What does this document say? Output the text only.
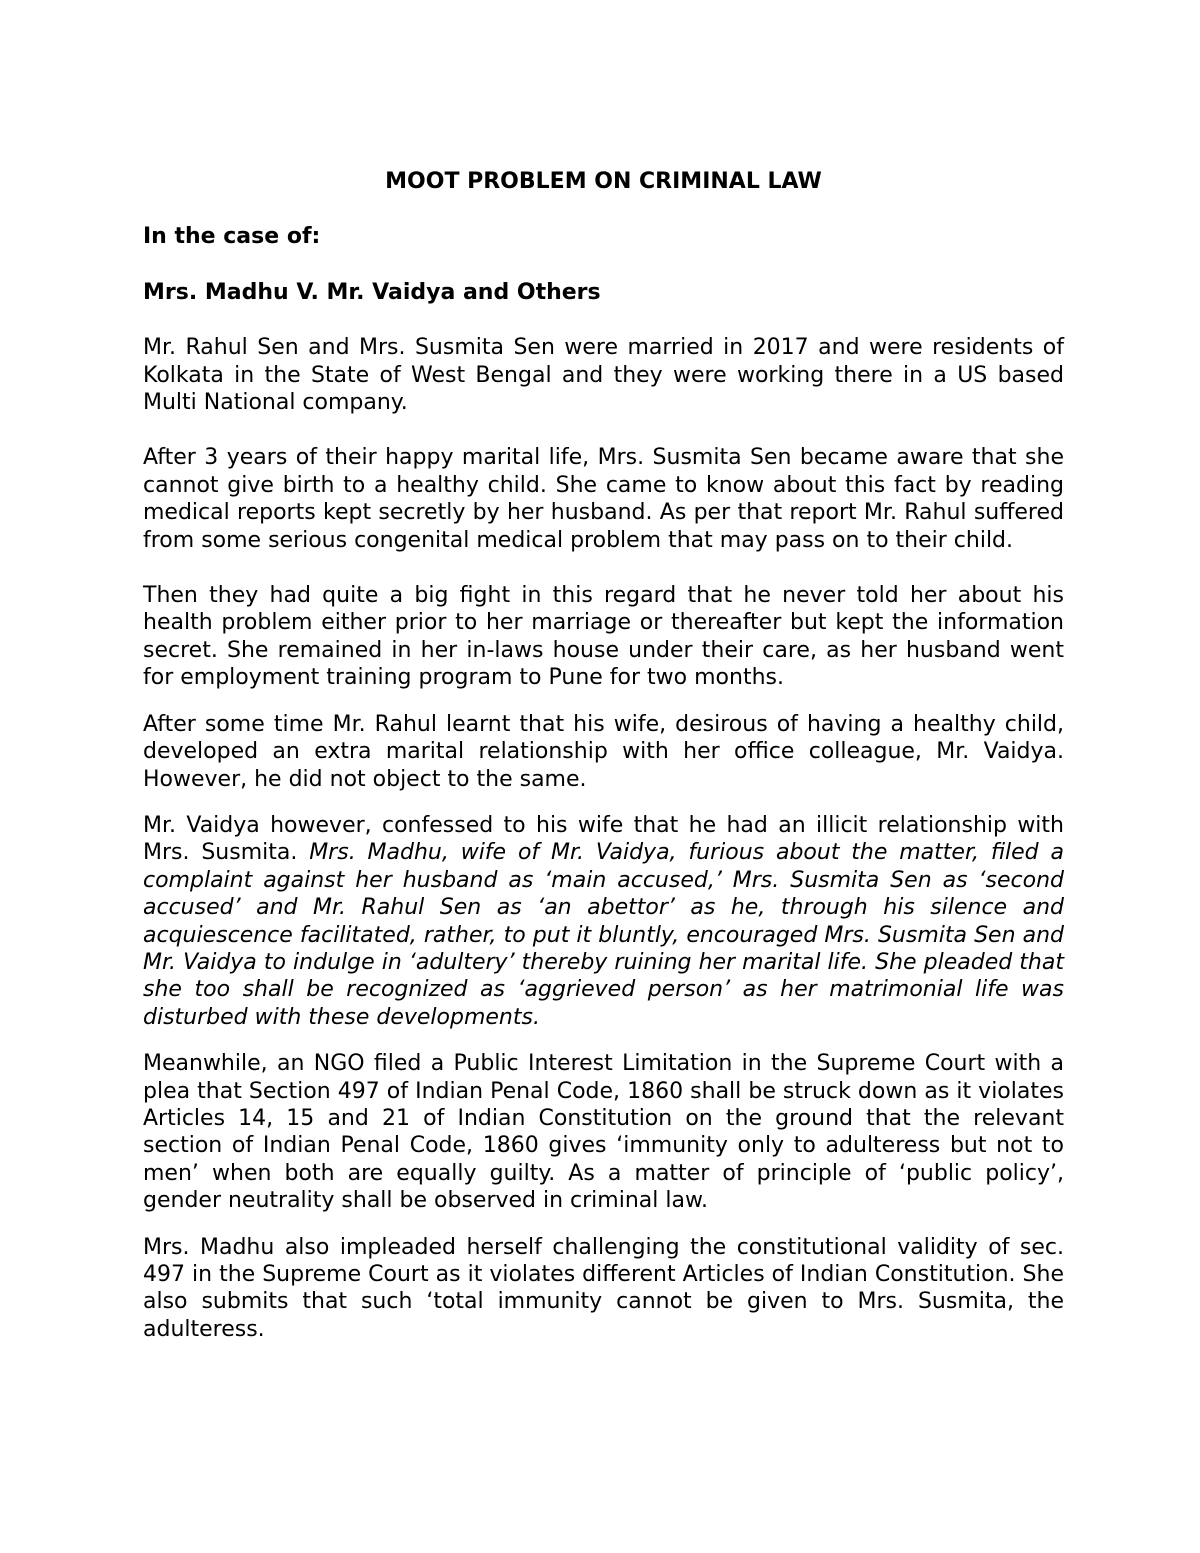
MOOT PROBLEM ON CRIMINAL LAW

In the case of:

Mrs. Madhu V. Mr. Vaidya and Others

Mr. Rahul Sen and Mrs. Susmita Sen were married in 2017 and were residents of Kolkata in the State of West Bengal and they were working there in a US based Multi National company.

After 3 years of their happy marital life, Mrs. Susmita Sen became aware that she cannot give birth to a healthy child. She came to know about this fact by reading medical reports kept secretly by her husband. As per that report Mr. Rahul suffered from some serious congenital medical problem that may pass on to their child.

Then they had quite a big fight in this regard that he never told her about his health problem either prior to her marriage or thereafter but kept the information secret. She remained in her in-laws house under their care, as her husband went for employment training program to Pune for two months.

After some time Mr. Rahul learnt that his wife, desirous of having a healthy child, developed an extra marital relationship with her office colleague, Mr. Vaidya. However, he did not object to the same.

Mr. Vaidya however, confessed to his wife that he had an illicit relationship with Mrs. Susmita. Mrs. Madhu, wife of Mr. Vaidya, furious about the matter, filed a complaint against her husband as ‘main accused,’ Mrs. Susmita Sen as ‘second accused’ and Mr. Rahul Sen as ‘an abettor’ as he, through his silence and acquiescence facilitated, rather, to put it bluntly, encouraged Mrs. Susmita Sen and Mr. Vaidya to indulge in ‘adultery’ thereby ruining her marital life. She pleaded that she too shall be recognized as ‘aggrieved person’ as her matrimonial life was disturbed with these developments.

Meanwhile, an NGO filed a Public Interest Limitation in the Supreme Court with a plea that Section 497 of Indian Penal Code, 1860 shall be struck down as it violates Articles 14, 15 and 21 of Indian Constitution on the ground that the relevant section of Indian Penal Code, 1860 gives ‘immunity only to adulteress but not to men’ when both are equally guilty. As a matter of principle of ‘public policy’, gender neutrality shall be observed in criminal law.

Mrs. Madhu also impleaded herself challenging the constitutional validity of sec. 497 in the Supreme Court as it violates different Articles of Indian Constitution. She also submits that such ‘total immunity cannot be given to Mrs. Susmita, the adulteress.
